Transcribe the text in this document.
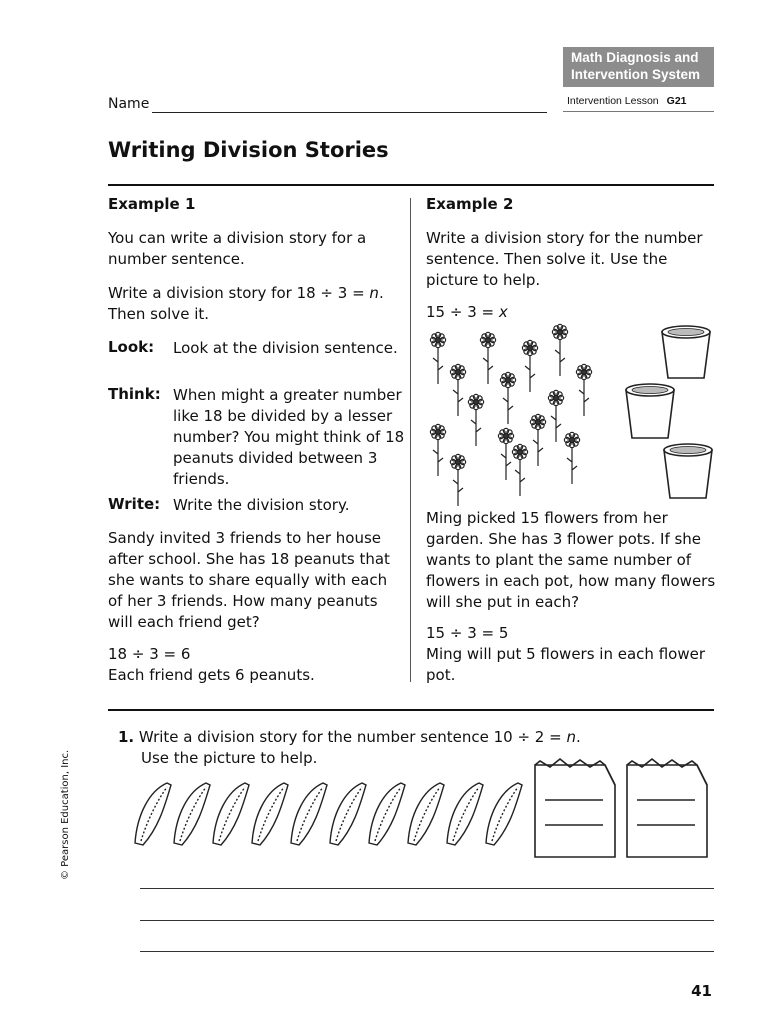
Math Diagnosis and
Intervention System
Intervention Lesson G21
Name
Writing Division Stories
Example 1

You can write a division story for a number sentence.

Write a division story for 18 ÷ 3 = n.
Then solve it.

Look: Look at the division sentence.
Think: When might a greater number like 18 be divided by a lesser number? You might think of 18 peanuts divided between 3 friends.
Write: Write the division story.

Sandy invited 3 friends to her house after school. She has 18 peanuts that she wants to share equally with each of her 3 friends. How many peanuts will each friend get?

18 ÷ 3 = 6

Each friend gets 6 peanuts.

Example 2

Write a division story for the number sentence. Then solve it. Use the picture to help.

15 ÷ 3 = x

Ming picked 15 flowers from her garden. She has 3 flower pots. If she wants to plant the same number of flowers in each pot, how many flowers will she put in each?

15 ÷ 3 = 5

Ming will put 5 flowers in each flower pot.

1. Write a division story for the number sentence 10 ÷ 2 = n.

Use the picture to help.

© Pearson Education, Inc.
41
